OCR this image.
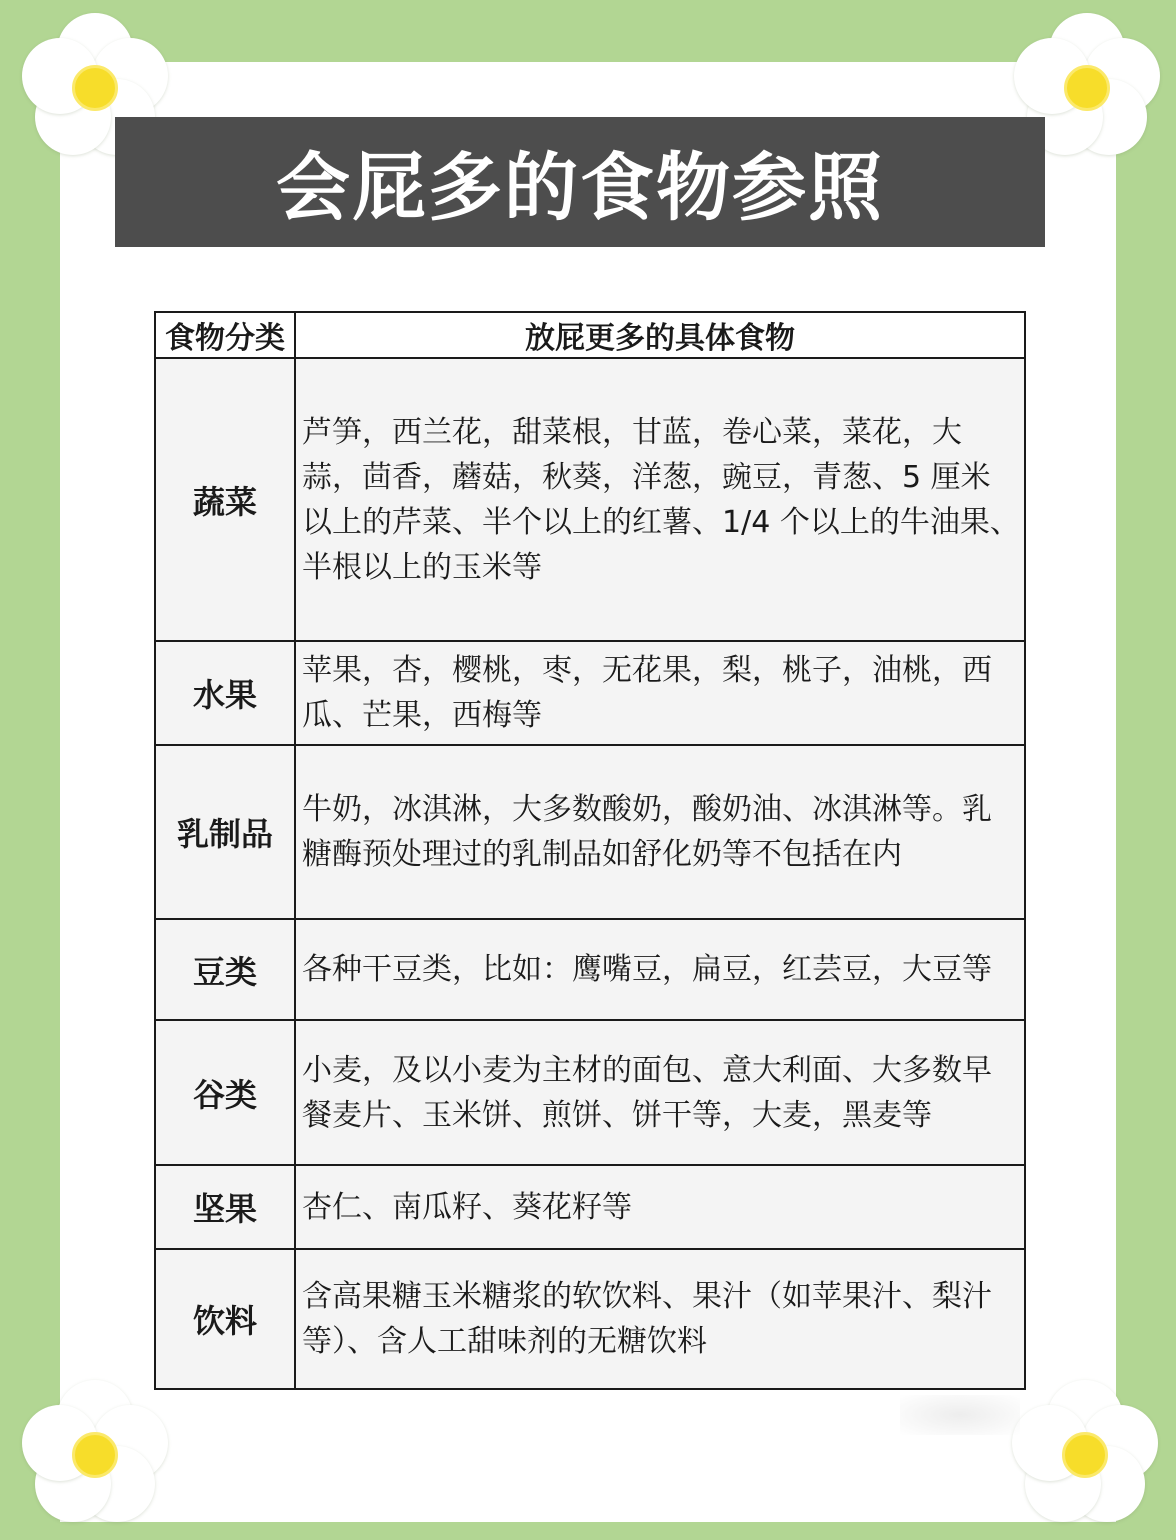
会屁多的食物参照
食物分类	放屁更多的具体食物
蔬菜	芦笋，西兰花，甜菜根，甘蓝，卷心菜，菜花，大蒜，茴香，蘑菇，秋葵，洋葱，豌豆，青葱、5 厘米以上的芹菜、半个以上的红薯、1/4 个以上的牛油果、半根以上的玉米等
水果	苹果，杏，樱桃，枣，无花果，梨，桃子，油桃，西瓜、芒果，西梅等
乳制品	牛奶，冰淇淋，大多数酸奶，酸奶油、冰淇淋等。乳糖酶预处理过的乳制品如舒化奶等不包括在内
豆类	各种干豆类，比如：鹰嘴豆，扁豆，红芸豆，大豆等
谷类	小麦，及以小麦为主材的面包、意大利面、大多数早餐麦片、玉米饼、煎饼、饼干等，大麦，黑麦等
坚果	杏仁、南瓜籽、葵花籽等
饮料	含高果糖玉米糖浆的软饮料、果汁（如苹果汁、梨汁等）、含人工甜味剂的无糖饮料
